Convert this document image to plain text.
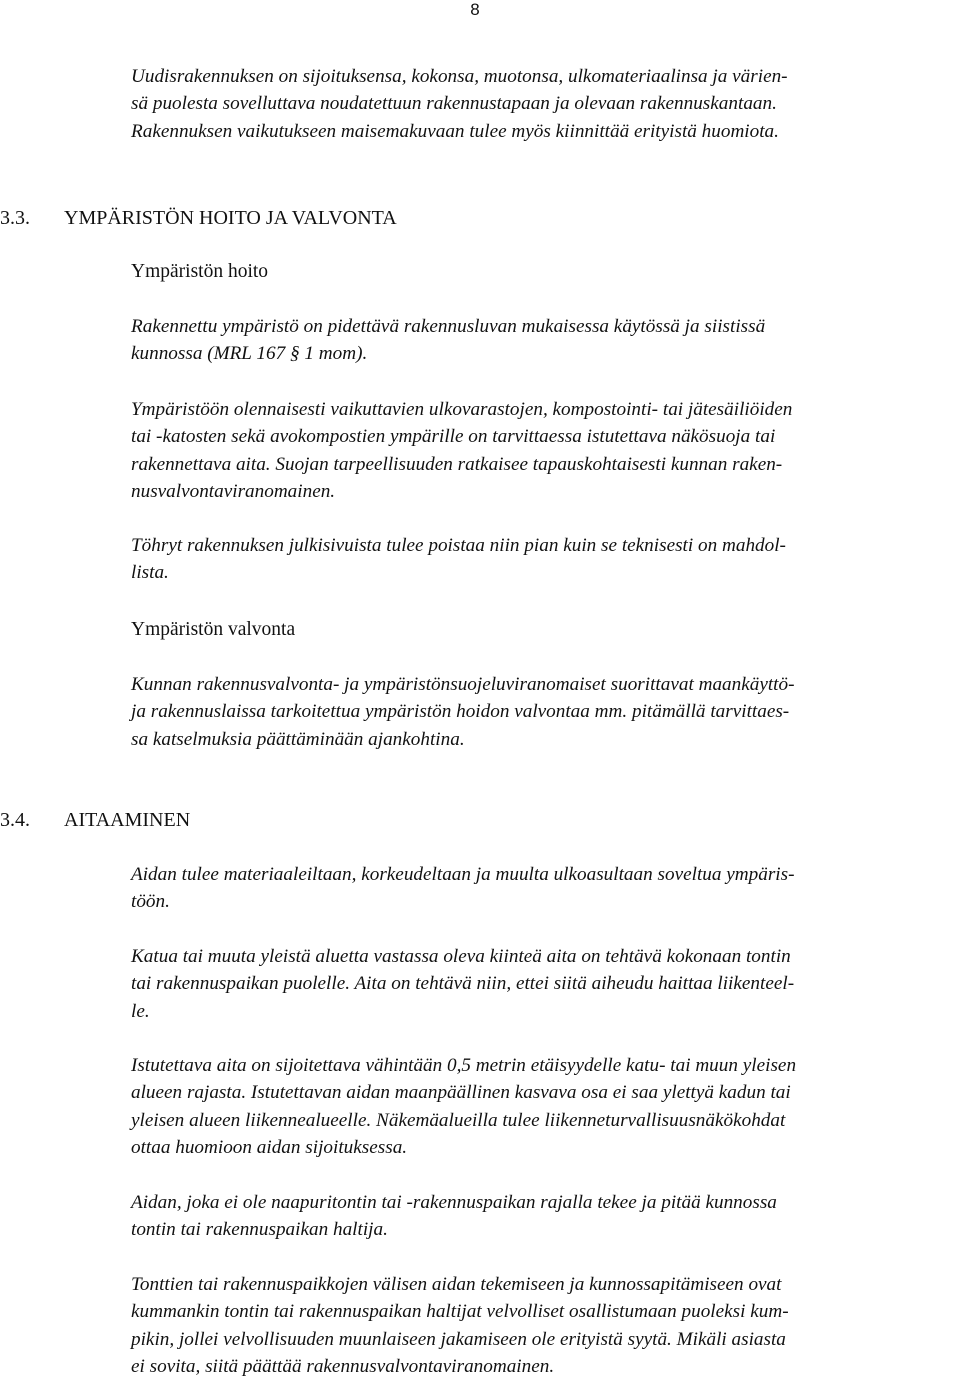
8

Uudisrakennuksen on sijoituksensa, kokonsa, muotonsa, ulkomateriaalinsa ja värien-
sä puolesta sovelluttava noudatettuun rakennustapaan ja olevaan rakennuskantaan.
Rakennuksen vaikutukseen maisemakuvaan tulee myös kiinnittää erityistä huomiota.

3.3. YMPÄRISTÖN HOITO JA VALVONTA
Ympäristön hoito

Rakennettu ympäristö on pidettävä rakennusluvan mukaisessa käytössä ja siistissä
kunnossa (MRL 167 § 1 mom).

Ympäristöön olennaisesti vaikuttavien ulkovarastojen, kompostointi- tai jätesäiliöiden
tai -katosten sekä avokompostien ympärille on tarvittaessa istutettava näkösuoja tai
rakennettava aita. Suojan tarpeellisuuden ratkaisee tapauskohtaisesti kunnan raken-
nusvalvontaviranomainen.

Töhryt rakennuksen julkisivuista tulee poistaa niin pian kuin se teknisesti on mahdol-
lista.

Ympäristön valvonta

Kunnan rakennusvalvonta- ja ympäristönsuojeluviranomaiset suorittavat maankäyttö-
ja rakennuslaissa tarkoitettua ympäristön hoidon valvontaa mm. pitämällä tarvittaes-
sa katselmuksia päättäminään ajankohtina.

3.4. AITAAMINEN

Aidan tulee materiaaleiltaan, korkeudeltaan ja muulta ulkoasultaan soveltua ympäris-
töön.

Katua tai muuta yleistä aluetta vastassa oleva kiinteä aita on tehtävä kokonaan tontin
tai rakennuspaikan puolelle. Aita on tehtävä niin, ettei siitä aiheudu haittaa liikenteel-
le.

Istutettava aita on sijoitettava vähintään 0,5 metrin etäisyydelle katu- tai muun yleisen
alueen rajasta. Istutettavan aidan maanpäällinen kasvava osa ei saa ylettyä kadun tai
yleisen alueen liikennealueelle. Näkemäalueilla tulee liikenneturvallisuusnäkökohdat
ottaa huomioon aidan sijoituksessa.

Aidan, joka ei ole naapuritontin tai -rakennuspaikan rajalla tekee ja pitää kunnossa
tontin tai rakennuspaikan haltija.

Tonttien tai rakennuspaikkojen välisen aidan tekemiseen ja kunnossapitämiseen ovat
kummankin tontin tai rakennuspaikan haltijat velvolliset osallistumaan puoleksi kum-
pikin, jollei velvollisuuden muunlaiseen jakamiseen ole erityistä syytä. Mikäli asiasta
ei sovita, siitä päättää rakennusvalvontaviranomainen.
